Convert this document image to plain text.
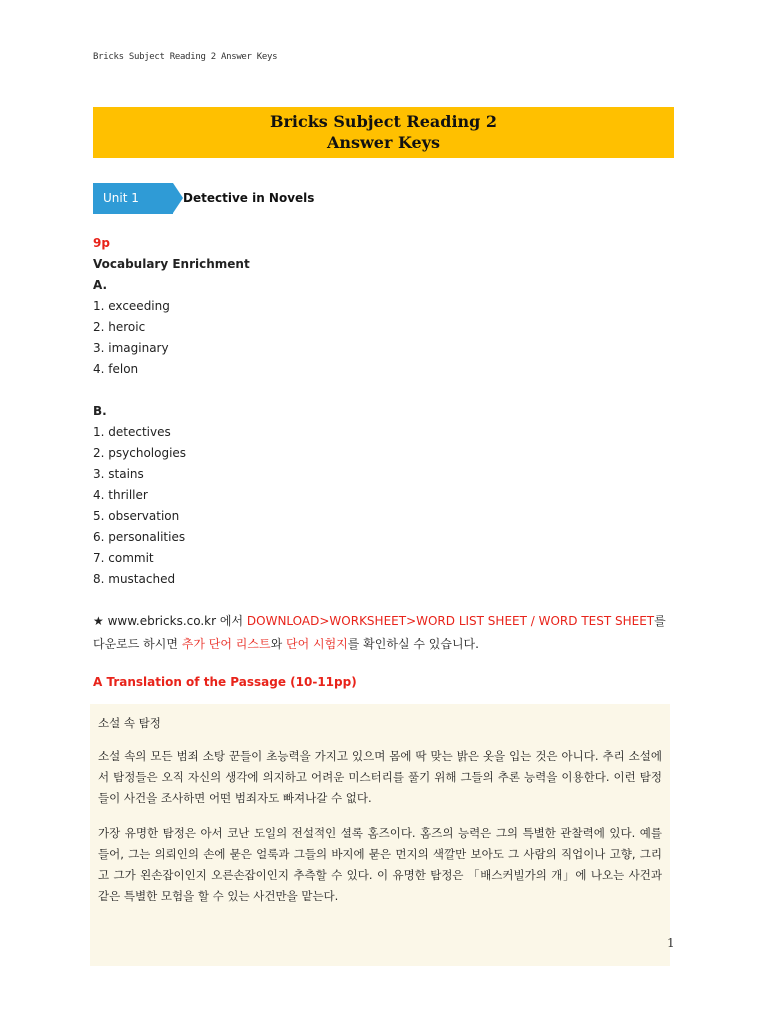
Bricks Subject Reading 2 Answer Keys
Bricks Subject Reading 2
Answer Keys
Unit 1	Detective in Novels
9p
Vocabulary Enrichment
A.
1. exceeding
2. heroic
3. imaginary
4. felon
B.
1. detectives
2. psychologies
3. stains
4. thriller
5. observation
6. personalities
7. commit
8. mustached
★ www.ebricks.co.kr 에서 DOWNLOAD>WORKSHEET>WORD LIST SHEET / WORD TEST SHEET를
다운로드 하시면 추가 단어 리스트와 단어 시험지를 확인하실 수 있습니다.
A Translation of the Passage (10-11pp)
소설 속 탐정
소설 속의 모든 범죄 소탕 꾼들이 초능력을 가지고 있으며 몸에 딱 맞는 밝은 옷을 입는 것은 아니다. 추리 소설에서 탐정들은 오직 자신의 생각에 의지하고 어려운 미스터리를 풀기 위해 그들의 추론 능력을 이용한다. 이런 탐정들이 사건을 조사하면 어떤 범죄자도 빠져나갈 수 없다.
가장 유명한 탐정은 아서 코난 도일의 전설적인 셜록 홈즈이다. 홈즈의 능력은 그의 특별한 관찰력에 있다. 예를 들어, 그는 의뢰인의 손에 묻은 얼룩과 그들의 바지에 묻은 먼지의 색깔만 보아도 그 사람의 직업이나 고향, 그리고 그가 왼손잡이인지 오른손잡이인지 추측할 수 있다. 이 유명한 탐정은 「배스커빌가의 개」에 나오는 사건과 같은 특별한 모험을 할 수 있는 사건만을 맡는다.
1
